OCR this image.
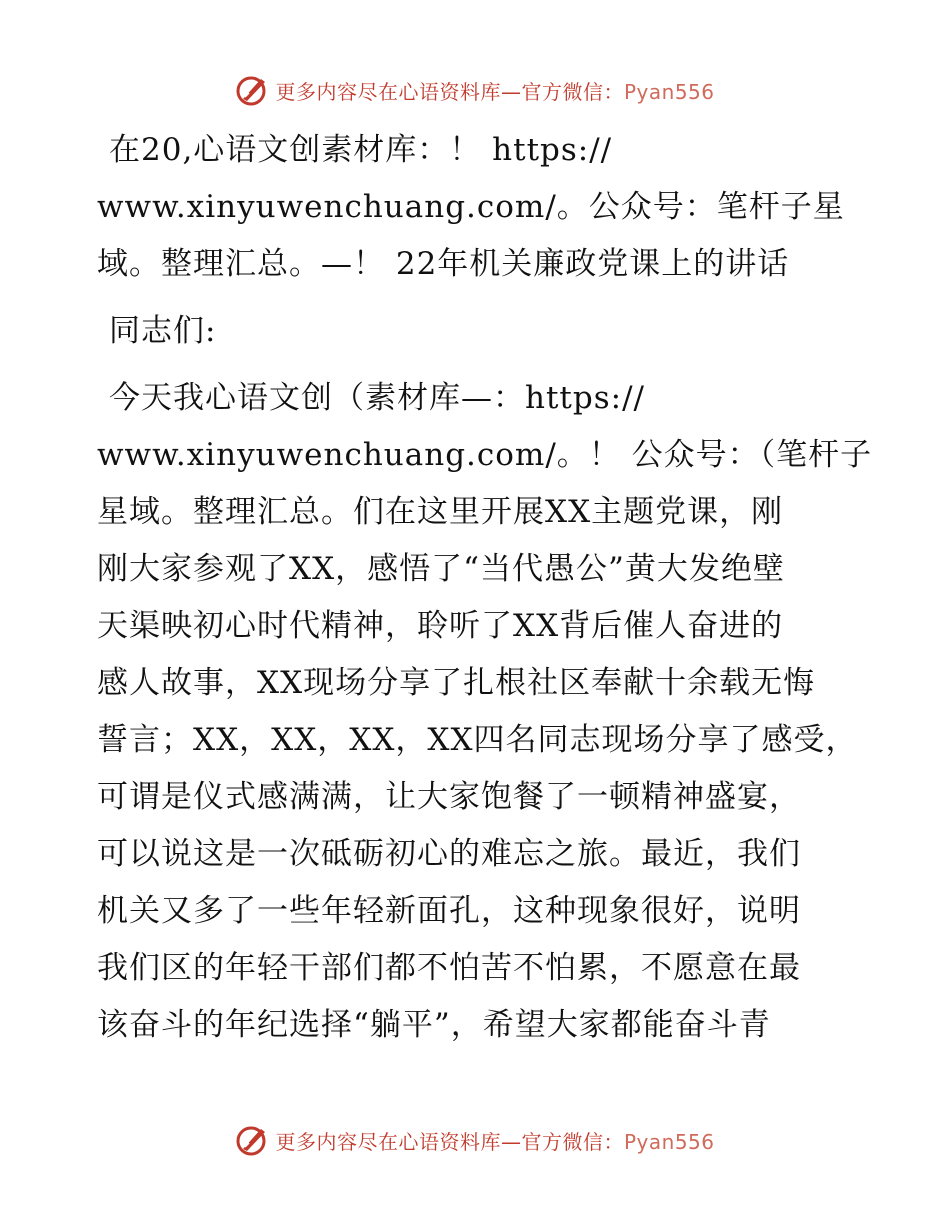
更多内容尽在心语资料库—官方微信：Pyan556
在20,心语文创素材库：！ https://
www.xinyuwenchuang.com/。公众号：笔杆子星
域。整理汇总。—！ 22年机关廉政党课上的讲话
同志们:
今天我心语文创（素材库—：https://
www.xinyuwenchuang.com/。！ 公众号：（笔杆子
星域。整理汇总。们在这里开展XX主题党课，刚
刚大家参观了XX，感悟了“当代愚公”黄大发绝壁
天渠映初心时代精神，聆听了XX背后催人奋进的
感人故事，XX现场分享了扎根社区奉献十余载无悔
誓言；XX，XX，XX，XX四名同志现场分享了感受，
可谓是仪式感满满，让大家饱餐了一顿精神盛宴，
可以说这是一次砥砺初心的难忘之旅。最近，我们
机关又多了一些年轻新面孔，这种现象很好，说明
我们区的年轻干部们都不怕苦不怕累，不愿意在最
该奋斗的年纪选择“躺平”，希望大家都能奋斗青
更多内容尽在心语资料库—官方微信：Pyan556
